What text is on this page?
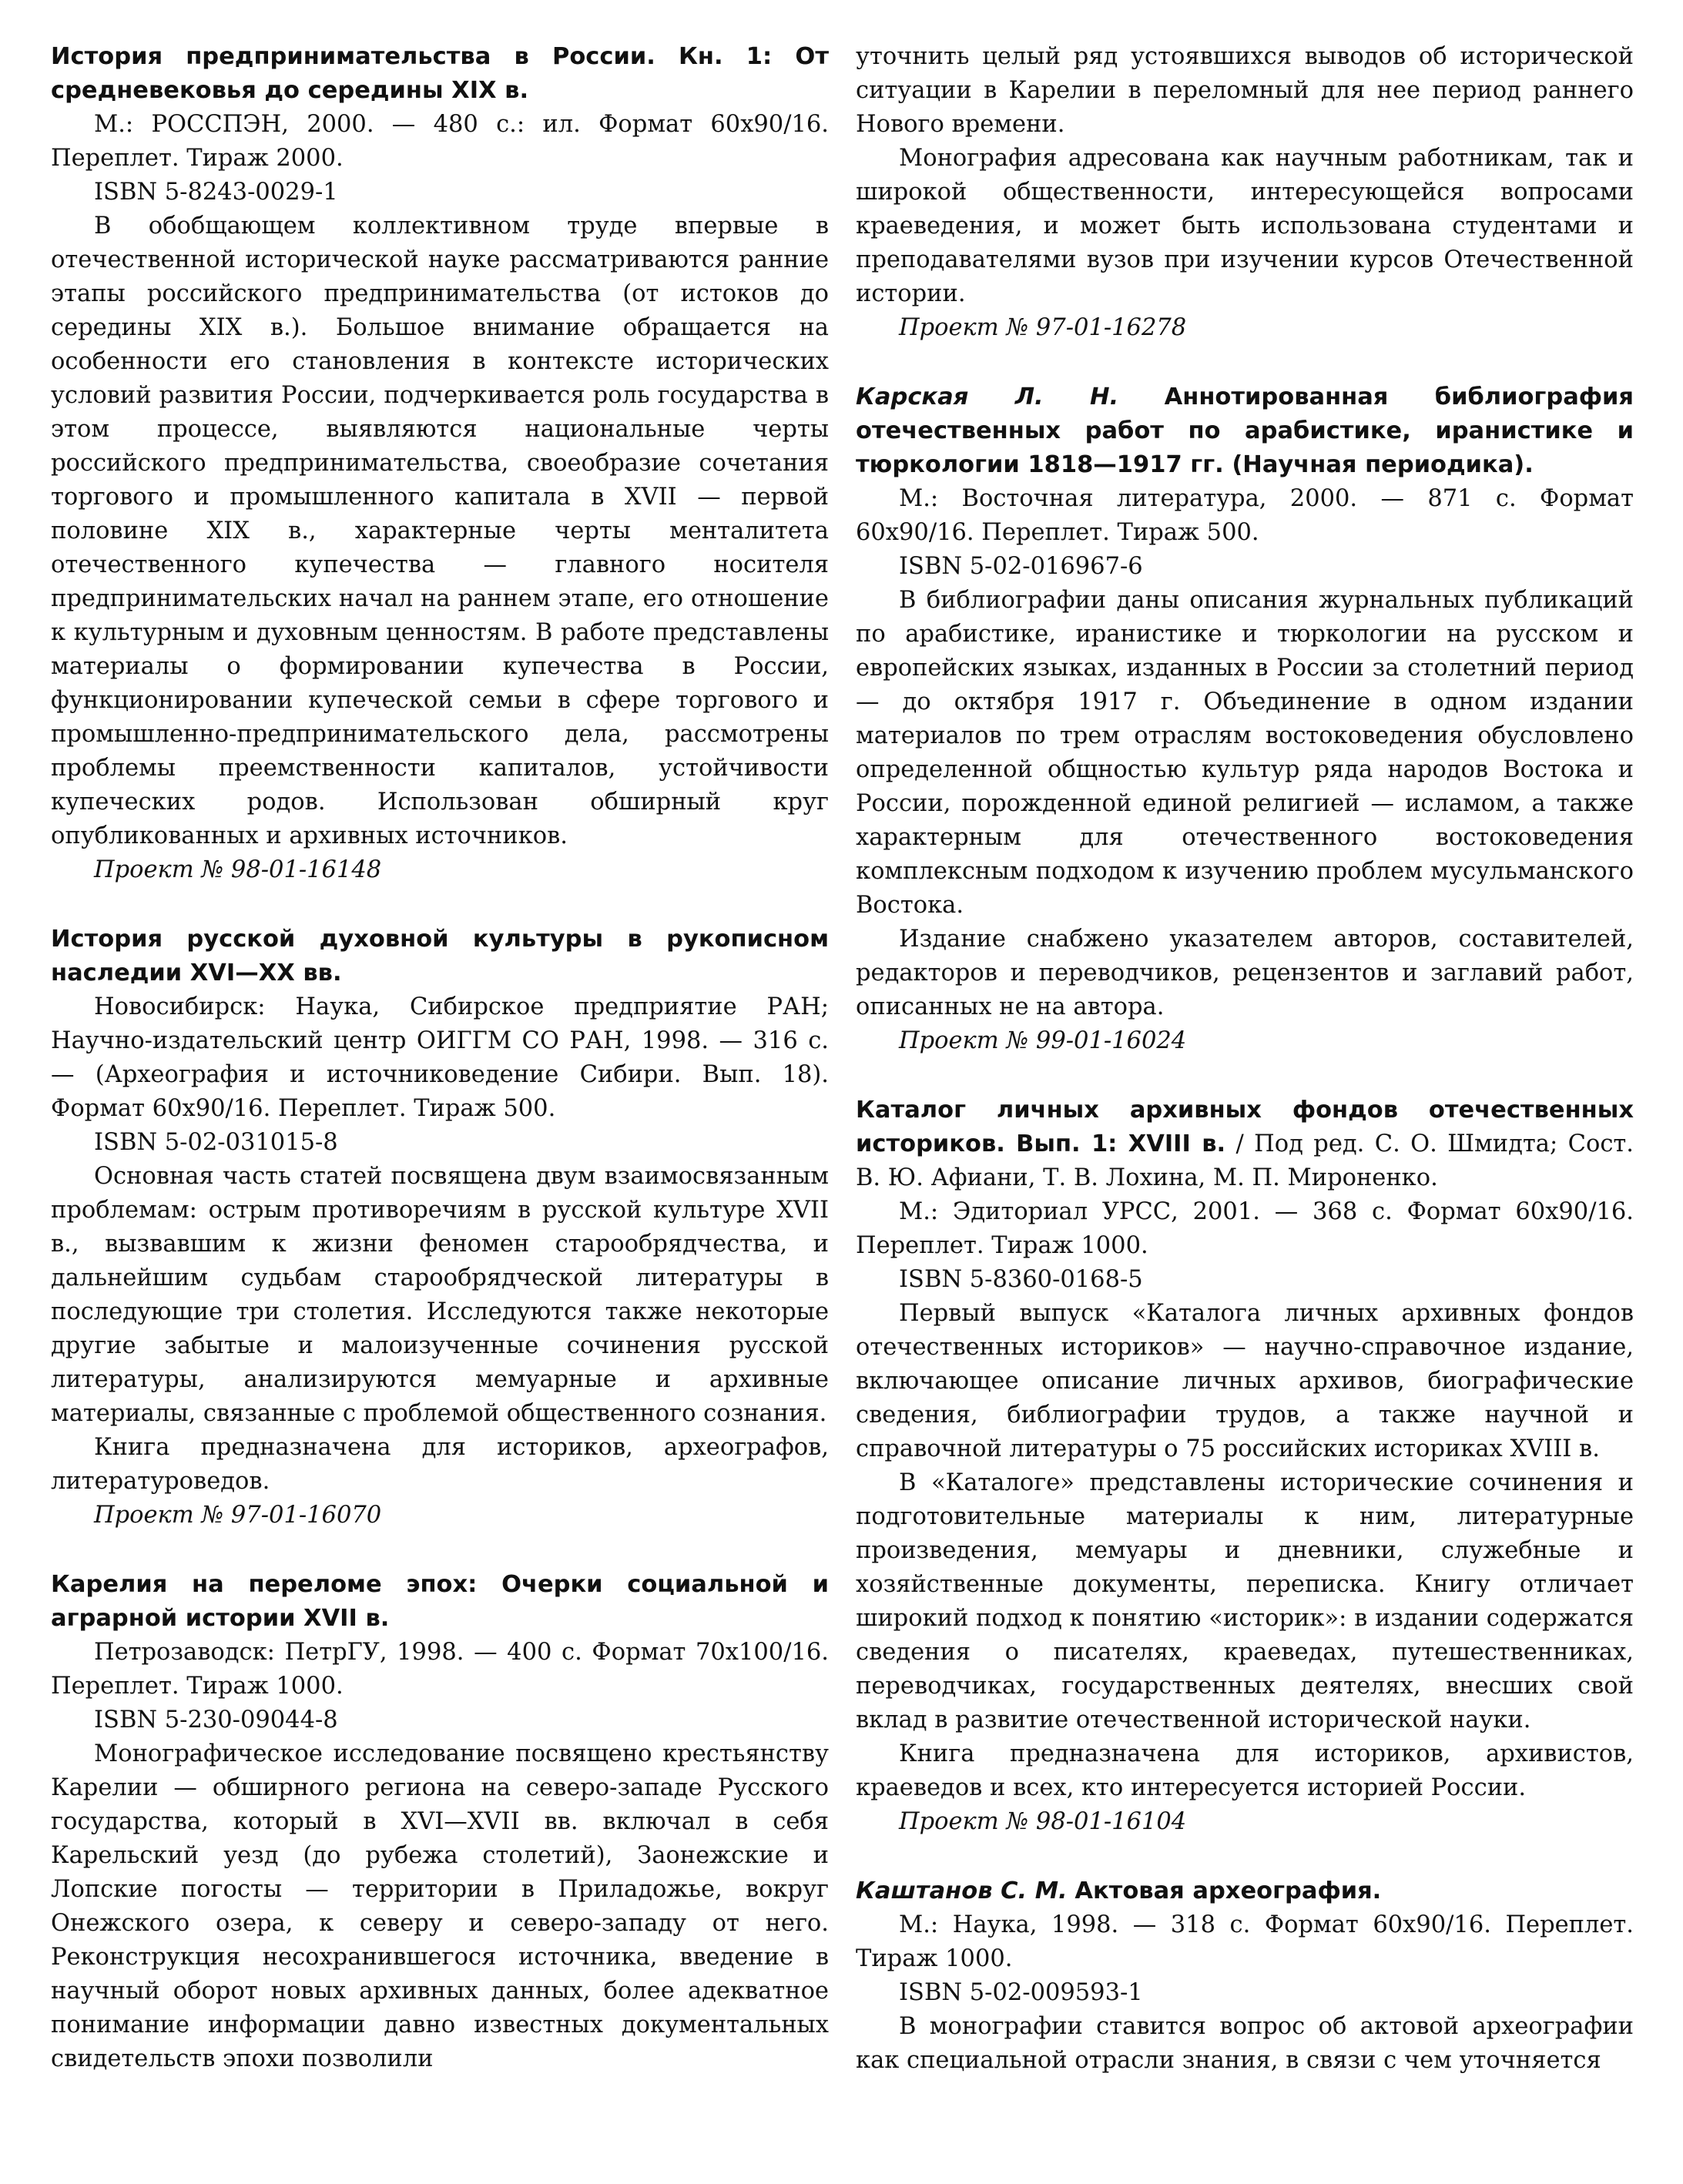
История предпринимательства в России. Кн. 1: От средневековья до середины XIX в.

М.: РОССПЭН, 2000. — 480 с.: ил. Формат 60x90/16. Переплет. Тираж 2000.

ISBN 5-8243-0029-1

В обобщающем коллективном труде впервые в отечественной исторической науке рассматриваются ранние этапы российского предпринимательства (от истоков до середины XIX в.). Большое внимание обращается на особенности его становления в контексте исторических условий развития России, подчеркивается роль государства в этом процессе, выявляются национальные черты российского предпринимательства, своеобразие сочетания торгового и промышленного капитала в XVII — первой половине XIX в., характерные черты менталитета отечественного купечества — главного носителя предпринимательских начал на раннем этапе, его отношение к культурным и духовным ценностям. В работе представлены материалы о формировании купечества в России, функционировании купеческой семьи в сфере торгового и промышленно-предпринимательского дела, рассмотрены проблемы преемственности капиталов, устойчивости купеческих родов. Использован обширный круг опубликованных и архивных источников.

Проект № 98-01-16148

История русской духовной культуры в рукописном наследии XVI—XX вв.

Новосибирск: Наука, Сибирское предприятие РАН; Научно-издательский центр ОИГГМ СО РАН, 1998. — 316 с. — (Археография и источниковедение Сибири. Вып. 18). Формат 60x90/16. Переплет. Тираж 500.

ISBN 5-02-031015-8

Основная часть статей посвящена двум взаимосвязанным проблемам: острым противоречиям в русской культуре XVII в., вызвавшим к жизни феномен старообрядчества, и дальнейшим судьбам старообрядческой литературы в последующие три столетия. Исследуются также некоторые другие забытые и малоизученные сочинения русской литературы, анализируются мемуарные и архивные материалы, связанные с проблемой общественного сознания.

Книга предназначена для историков, археографов, литературоведов.

Проект № 97-01-16070

Карелия на переломе эпох: Очерки социальной и аграрной истории XVII в.

Петрозаводск: ПетрГУ, 1998. — 400 с. Формат 70x100/16. Переплет. Тираж 1000.

ISBN 5-230-09044-8

Монографическое исследование посвящено крестьянству Карелии — обширного региона на северо-западе Русского государства, который в XVI—XVII вв. включал в себя Карельский уезд (до рубежа столетий), Заонежские и Лопские погосты — территории в Приладожье, вокруг Онежского озера, к северу и северо-западу от него. Реконструкция несохранившегося источника, введение в научный оборот новых архивных данных, более адекватное понимание информации давно известных документальных свидетельств эпохи позволили

уточнить целый ряд устоявшихся выводов об исторической ситуации в Карелии в переломный для нее период раннего Нового времени.

Монография адресована как научным работникам, так и широкой общественности, интересующейся вопросами краеведения, и может быть использована студентами и преподавателями вузов при изучении курсов Отечественной истории.

Проект № 97-01-16278

Карская Л. Н. Аннотированная библиография отечественных работ по арабистике, иранистике и тюркологии 1818—1917 гг. (Научная периодика).

М.: Восточная литература, 2000. — 871 с. Формат 60x90/16. Переплет. Тираж 500.

ISBN 5-02-016967-6

В библиографии даны описания журнальных публикаций по арабистике, иранистике и тюркологии на русском и европейских языках, изданных в России за столетний период — до октября 1917 г. Объединение в одном издании материалов по трем отраслям востоковедения обусловлено определенной общностью культур ряда народов Востока и России, порожденной единой религией — исламом, а также характерным для отечественного востоковедения комплексным подходом к изучению проблем мусульманского Востока.

Издание снабжено указателем авторов, составителей, редакторов и переводчиков, рецензентов и заглавий работ, описанных не на автора.

Проект № 99-01-16024

Каталог личных архивных фондов отечественных историков. Вып. 1: XVIII в. / Под ред. С. О. Шмидта; Сост. В. Ю. Афиани, Т. В. Лохина, М. П. Мироненко.

М.: Эдиториал УРСС, 2001. — 368 с. Формат 60x90/16. Переплет. Тираж 1000.

ISBN 5-8360-0168-5

Первый выпуск «Каталога личных архивных фондов отечественных историков» — научно-справочное издание, включающее описание личных архивов, биографические сведения, библиографии трудов, а также научной и справочной литературы о 75 российских историках XVIII в.

В «Каталоге» представлены исторические сочинения и подготовительные материалы к ним, литературные произведения, мемуары и дневники, служебные и хозяйственные документы, переписка. Книгу отличает широкий подход к понятию «историк»: в издании содержатся сведения о писателях, краеведах, путешественниках, переводчиках, государственных деятелях, внесших свой вклад в развитие отечественной исторической науки.

Книга предназначена для историков, архивистов, краеведов и всех, кто интересуется историей России.

Проект № 98-01-16104

Каштанов С. М. Актовая археография.

М.: Наука, 1998. — 318 с. Формат 60x90/16. Переплет. Тираж 1000.

ISBN 5-02-009593-1

В монографии ставится вопрос об актовой археографии как специальной отрасли знания, в связи с чем уточняется
